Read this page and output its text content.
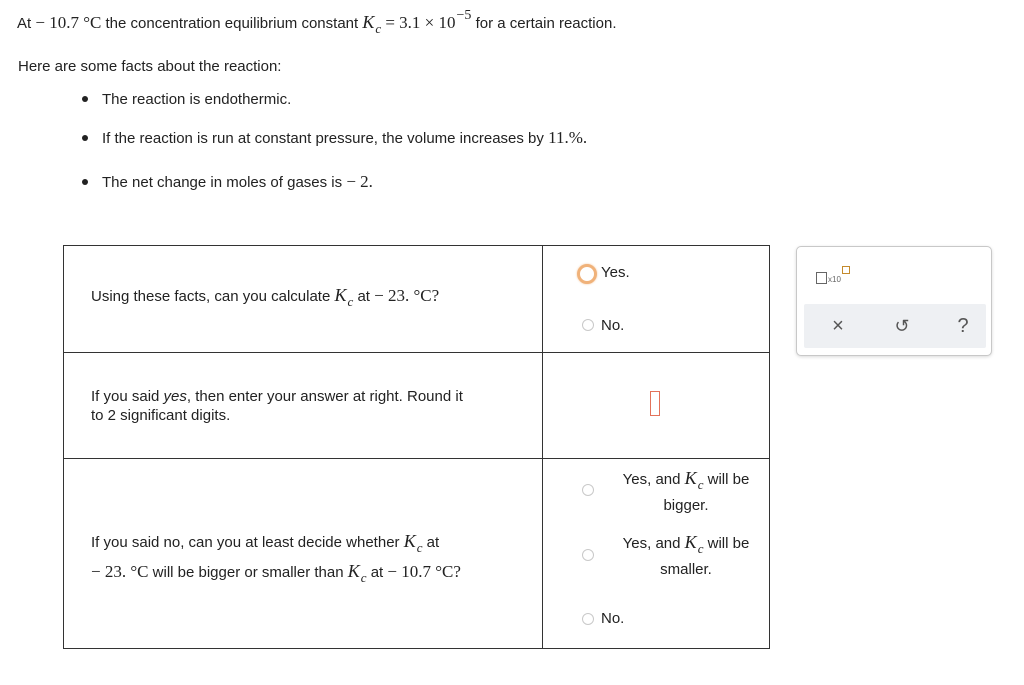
At − 10.7 °C the concentration equilibrium constant Kc = 3.1 × 10−5 for a certain reaction.
Here are some facts about the reaction:
The reaction is endothermic.
If the reaction is run at constant pressure, the volume increases by 11.%.
The net change in moles of gases is − 2.
Using these facts, can you calculate Kc at − 23. °C?
Yes.
No.
If you said yes, then enter your answer at right. Round it
to 2 significant digits.
If you said no, can you at least decide whether Kc at
− 23. °C will be bigger or smaller than Kc at − 10.7 °C?
Yes, and Kc will be
bigger.
Yes, and Kc will be
smaller.
No.
x10
×	↺	?
